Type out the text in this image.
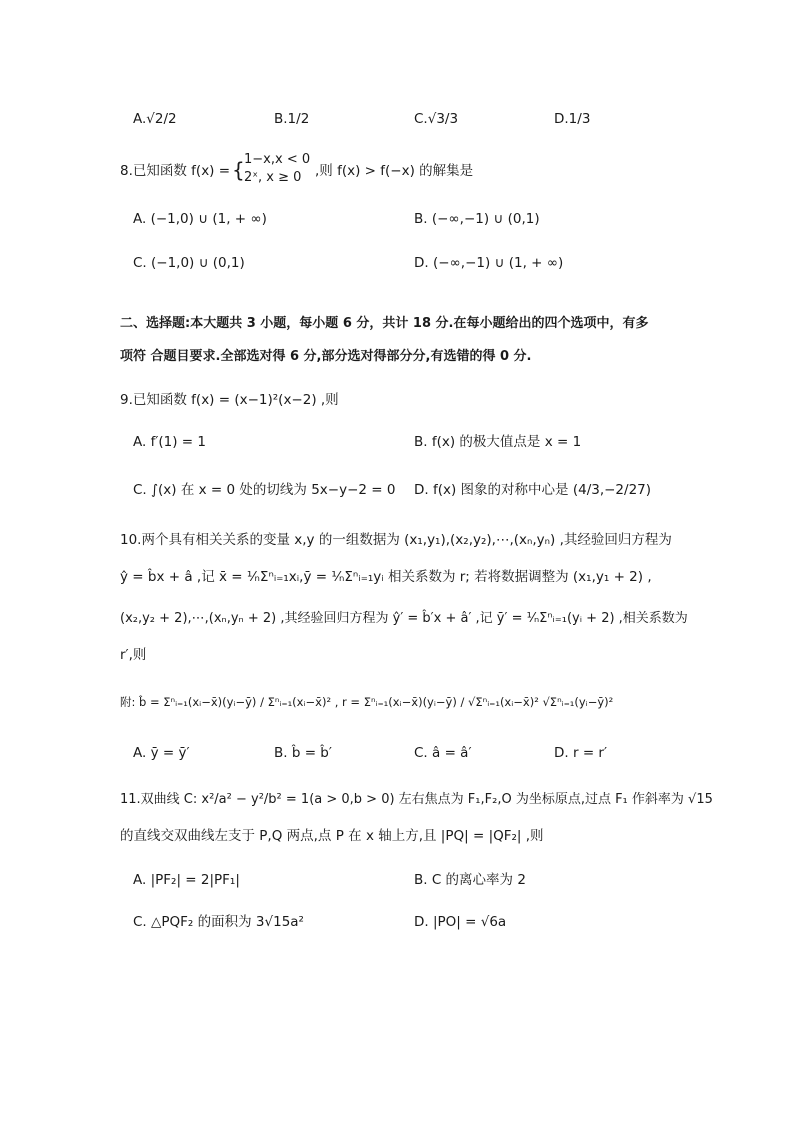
A.√2/2	B.1/2	C.√3/3	D.1/3
8.已知函数 f(x) = { 1−x,x < 0
2ˣ, x ≥ 0 ,则 f(x) > f(−x) 的解集是
A. (−1,0) ∪ (1, + ∞)	B. (−∞,−1) ∪ (0,1)
C. (−1,0) ∪ (0,1)	D. (−∞,−1) ∪ (1, + ∞)
二、选择题:本大题共 3 小题，每小题 6 分，共计 18 分.在每小题给出的四个选项中，有多
项符 合题目要求.全部选对得 6 分,部分选对得部分分,有选错的得 0 分.
9.已知函数 f(x) = (x−1)²(x−2) ,则
A. f′(1) = 1	B. f(x) 的极大值点是 x = 1
C. ∫(x) 在 x = 0 处的切线为 5x−y−2 = 0 D. f(x) 图象的对称中心是 (4/3,−2/27)
10.两个具有相关关系的变量 x,y 的一组数据为 (x₁,y₁),(x₂,y₂),⋯,(xₙ,yₙ) ,其经验回归方程为
ŷ = b̂x + â ,记 x̄ = ¹⁄ₙΣⁿᵢ₌₁xᵢ,ȳ = ¹⁄ₙΣⁿᵢ₌₁yᵢ 相关系数为 r; 若将数据调整为 (x₁,y₁ + 2) ,
(x₂,y₂ + 2),⋯,(xₙ,yₙ + 2) ,其经验回归方程为 ŷ′ = b̂′x + â′ ,记 ȳ′ = ¹⁄ₙΣⁿᵢ₌₁(yᵢ + 2) ,相关系数为
r′,则
附: b̂ = Σⁿᵢ₌₁(xᵢ−x̄)(yᵢ−ȳ) / Σⁿᵢ₌₁(xᵢ−x̄)² , r = Σⁿᵢ₌₁(xᵢ−x̄)(yᵢ−ȳ) / √Σⁿᵢ₌₁(xᵢ−x̄)² √Σⁿᵢ₌₁(yᵢ−ȳ)²
A. ȳ = ȳ′	B. b̂ = b̂′	C. â = â′	D. r = r′
11.双曲线 C: x²/a² − y²/b² = 1(a > 0,b > 0) 左右焦点为 F₁,F₂,O 为坐标原点,过点 F₁ 作斜率为 √15
的直线交双曲线左支于 P,Q 两点,点 P 在 x 轴上方,且 |PQ| = |QF₂| ,则
A. |PF₂| = 2|PF₁|	B. C 的离心率为 2
C. △PQF₂ 的面积为 3√15a²	D. |PO| = √6a
